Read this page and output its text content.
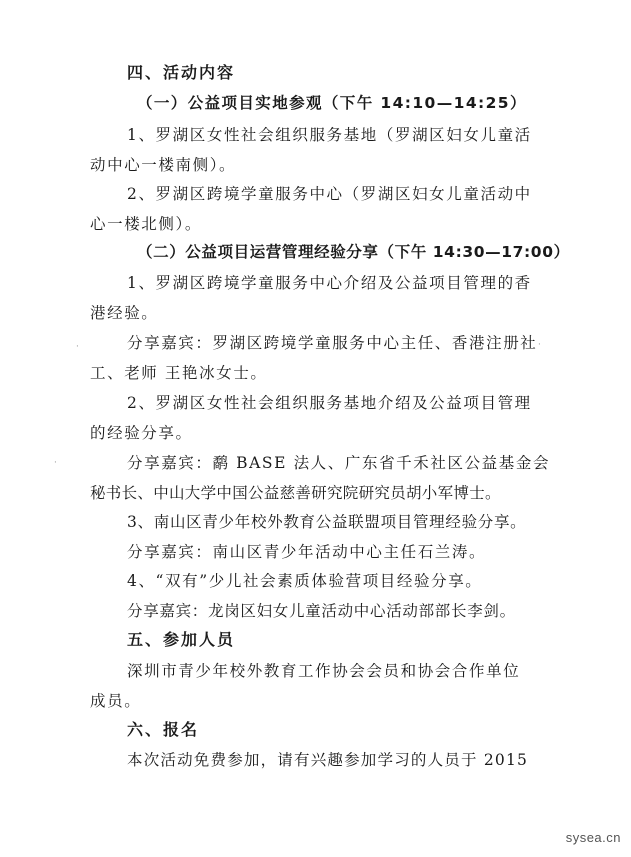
四、活动内容
（一）公益项目实地参观（下午 14:10—14:25）
1、罗湖区女性社会组织服务基地（罗湖区妇女儿童活
动中心一楼南侧）。
2、罗湖区跨境学童服务中心（罗湖区妇女儿童活动中
心一楼北侧）。
（二）公益项目运营管理经验分享（下午 14:30—17:00）
1、罗湖区跨境学童服务中心介绍及公益项目管理的香
港经验。
分享嘉宾：罗湖区跨境学童服务中心主任、香港注册社
工、老师 王艳冰女士。
2、罗湖区女性社会组织服务基地介绍及公益项目管理
的经验分享。
分享嘉宾：鹬 BASE 法人、广东省千禾社区公益基金会
秘书长、中山大学中国公益慈善研究院研究员胡小军博士。
3、南山区青少年校外教育公益联盟项目管理经验分享。
分享嘉宾：南山区青少年活动中心主任石兰涛。
4、“双有”少儿社会素质体验营项目经验分享。
分享嘉宾：龙岗区妇女儿童活动中心活动部部长李剑。
五、参加人员
深圳市青少年校外教育工作协会会员和协会合作单位
成员。
六、报名
本次活动免费参加，请有兴趣参加学习的人员于 2015
·	·
·
sysea.cn
